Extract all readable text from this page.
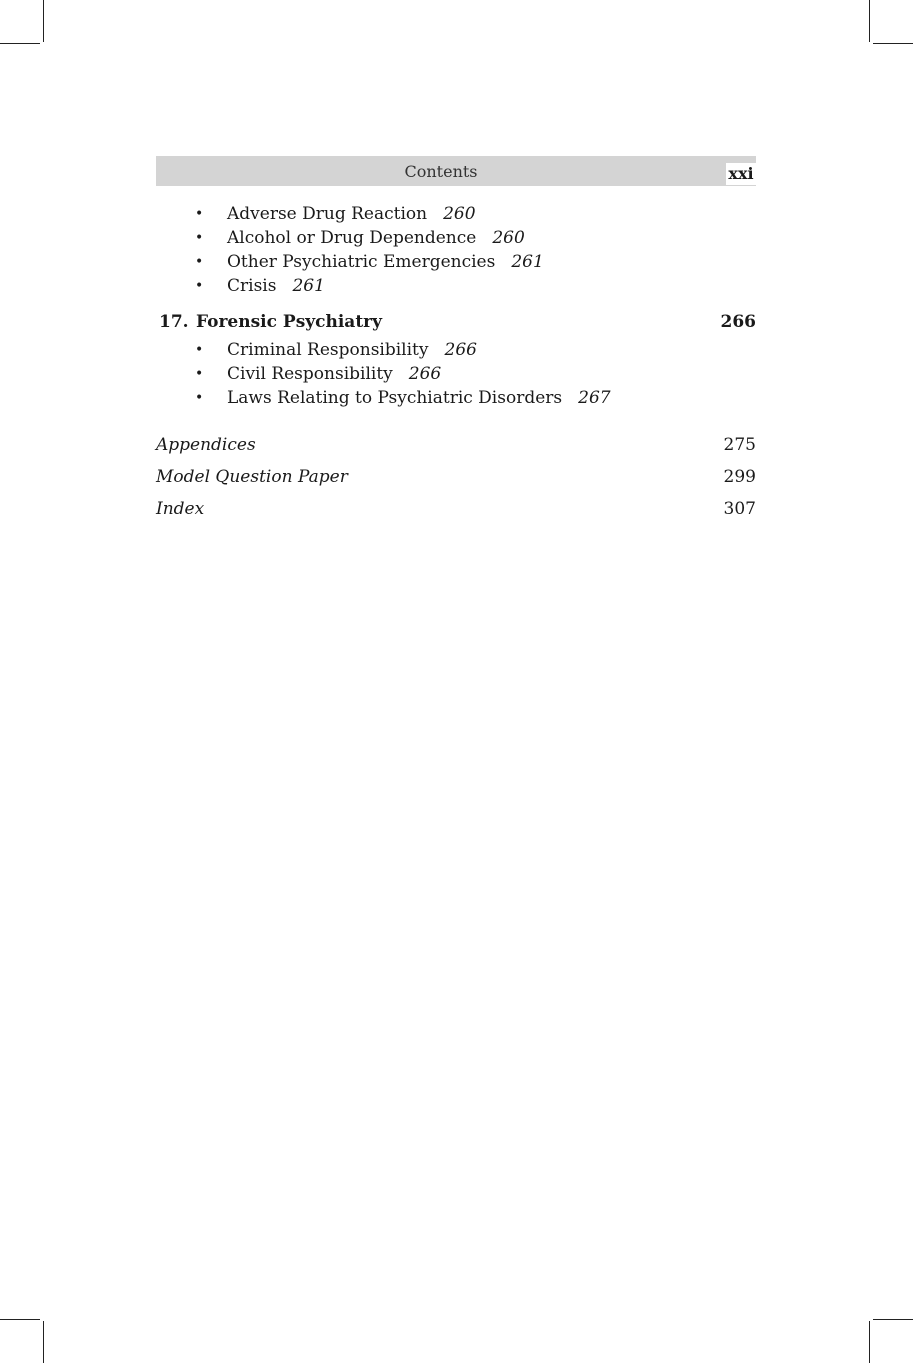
Contents	xxi
• Adverse Drug Reaction 260
• Alcohol or Drug Dependence 260
• Other Psychiatric Emergencies 261
• Crisis 261
17. Forensic Psychiatry	266
• Criminal Responsibility 266
• Civil Responsibility 266
• Laws Relating to Psychiatric Disorders 267
Appendices	275
Model Question Paper	299
Index	307
